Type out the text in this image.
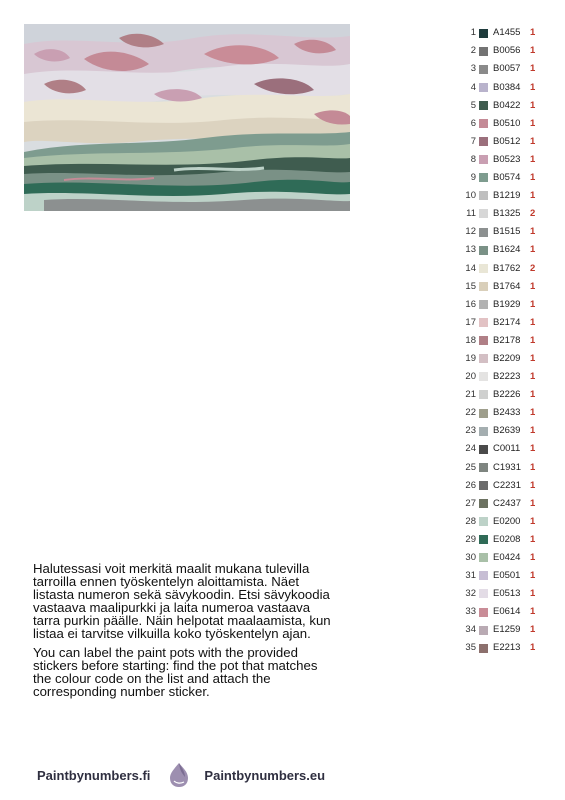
1	A1455	1
2	B0056	1
3	B0057	1
4	B0384	1
5	B0422	1
6	B0510	1
7	B0512	1
8	B0523	1
9	B0574	1
10	B1219	1
11	B1325	2
12	B1515	1
13	B1624	1
14	B1762	2
15	B1764	1
16	B1929	1
17	B2174	1
18	B2178	1
19	B2209	1
20	B2223	1
21	B2226	1
22	B2433	1
23	B2639	1
24	C0011	1
25	C1931 1
26	C2231 1
27	C2437 1
28	E0200	1
29	E0208	1
30	E0424	1
31	E0501	1
32	E0513	1
33	E0614	1
34	E1259	1
35	E2213	1

Halutessasi voit merkitä maalit mukana tulevilla tarroilla ennen työskentelyn aloittamista. Näet listasta numeron sekä sävykoodin. Etsi sävykoodia vastaava maalipurkki ja laita numeroa vastaava tarra purkin päälle. Näin helpotat maalaamista, kun listaa ei tarvitse vilkuilla koko työskentelyn ajan.

You can label the paint pots with the provided stickers before starting: find the pot that matches the colour code on the list and attach the corresponding number sticker.

Paintbynumbers.fi	Paintbynumbers.eu
